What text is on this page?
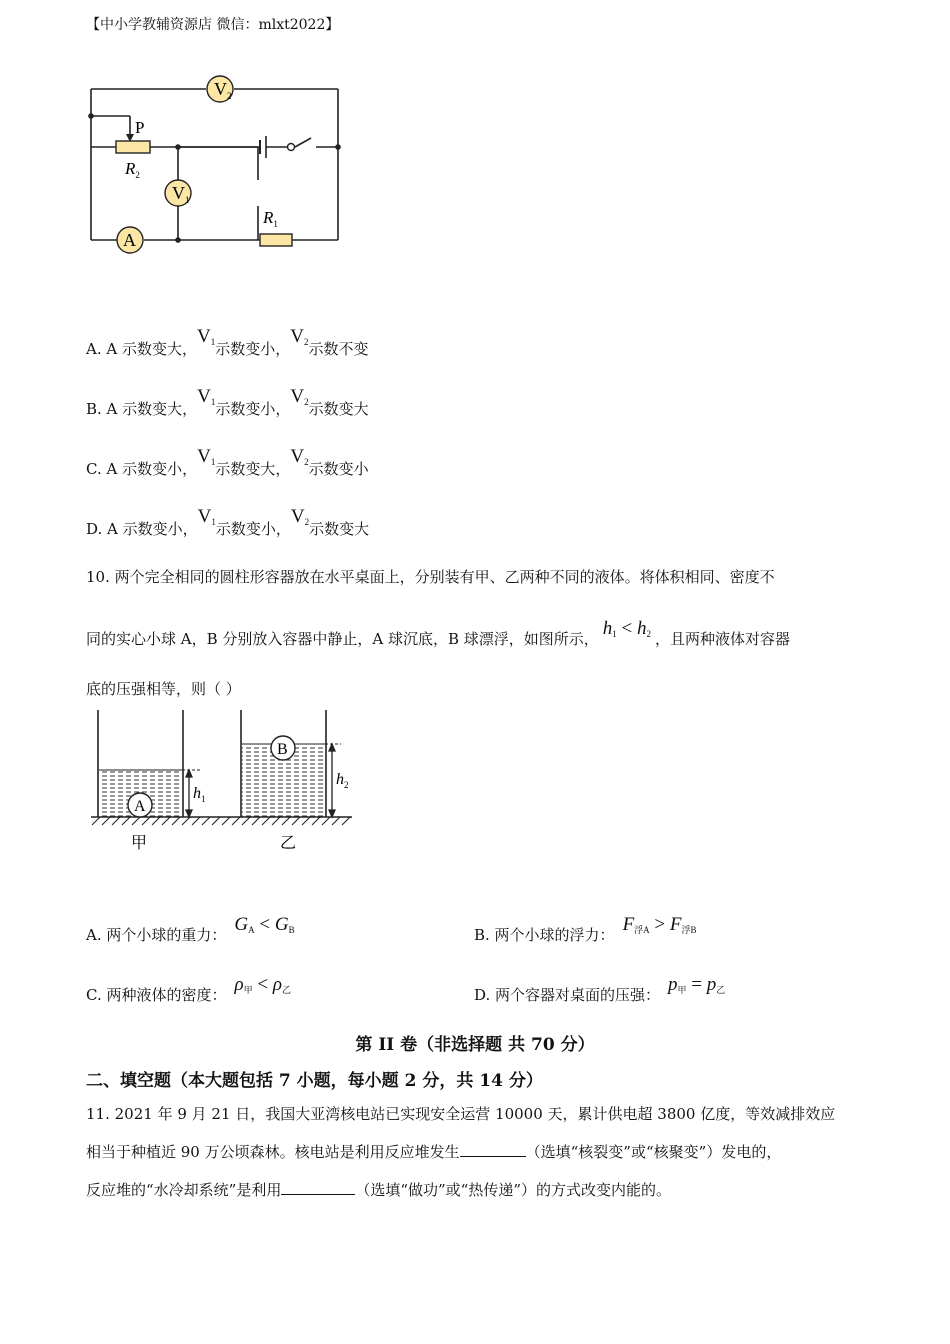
【中小学教辅资源店 微信：mlxt2022】
$V_2$
$V_1$
A
P
$R_2$
$R_1$
A. A 示数变大，$V_1$示数变小，$V_2$示数不变
B. A 示数变大，$V_1$示数变小，$V_2$示数变大
C. A 示数变小，$V_1$示数变大，$V_2$示数变小
D. A 示数变小，$V_1$示数变小，$V_2$示数变大
10. 两个完全相同的圆柱形容器放在水平桌面上，分别装有甲、乙两种不同的液体。将体积相同、密度不
同的实心小球 A，B 分别放入容器中静止，A 球沉底，B 球漂浮，如图所示， $h_1 < h_2$ ，且两种液体对容器
底的压强相等，则（ ）
A
B
$h_1$
$h_2$
甲	乙
A. 两个小球的重力： $G_A < G_B$	B. 两个小球的浮力： $F_{浮A} > F_{浮B}$
C. 两种液体的密度： $\rho_甲 < \rho_乙$	D. 两个容器对桌面的压强： $p_甲 = p_乙$
第 II 卷（非选择题 共 70 分）
二、填空题（本大题包括 7 小题，每小题 2 分，共 14 分）
11. 2021 年 9 月 21 日，我国大亚湾核电站已实现安全运营 10000 天，累计供电超 3800 亿度，等效减排效应
相当于种植近 90 万公顷森林。核电站是利用反应堆发生	（选填“核裂变”或“核聚变”）发电的，
反应堆的“水冷却系统”是利用	（选填“做功”或“热传递”）的方式改变内能的。
